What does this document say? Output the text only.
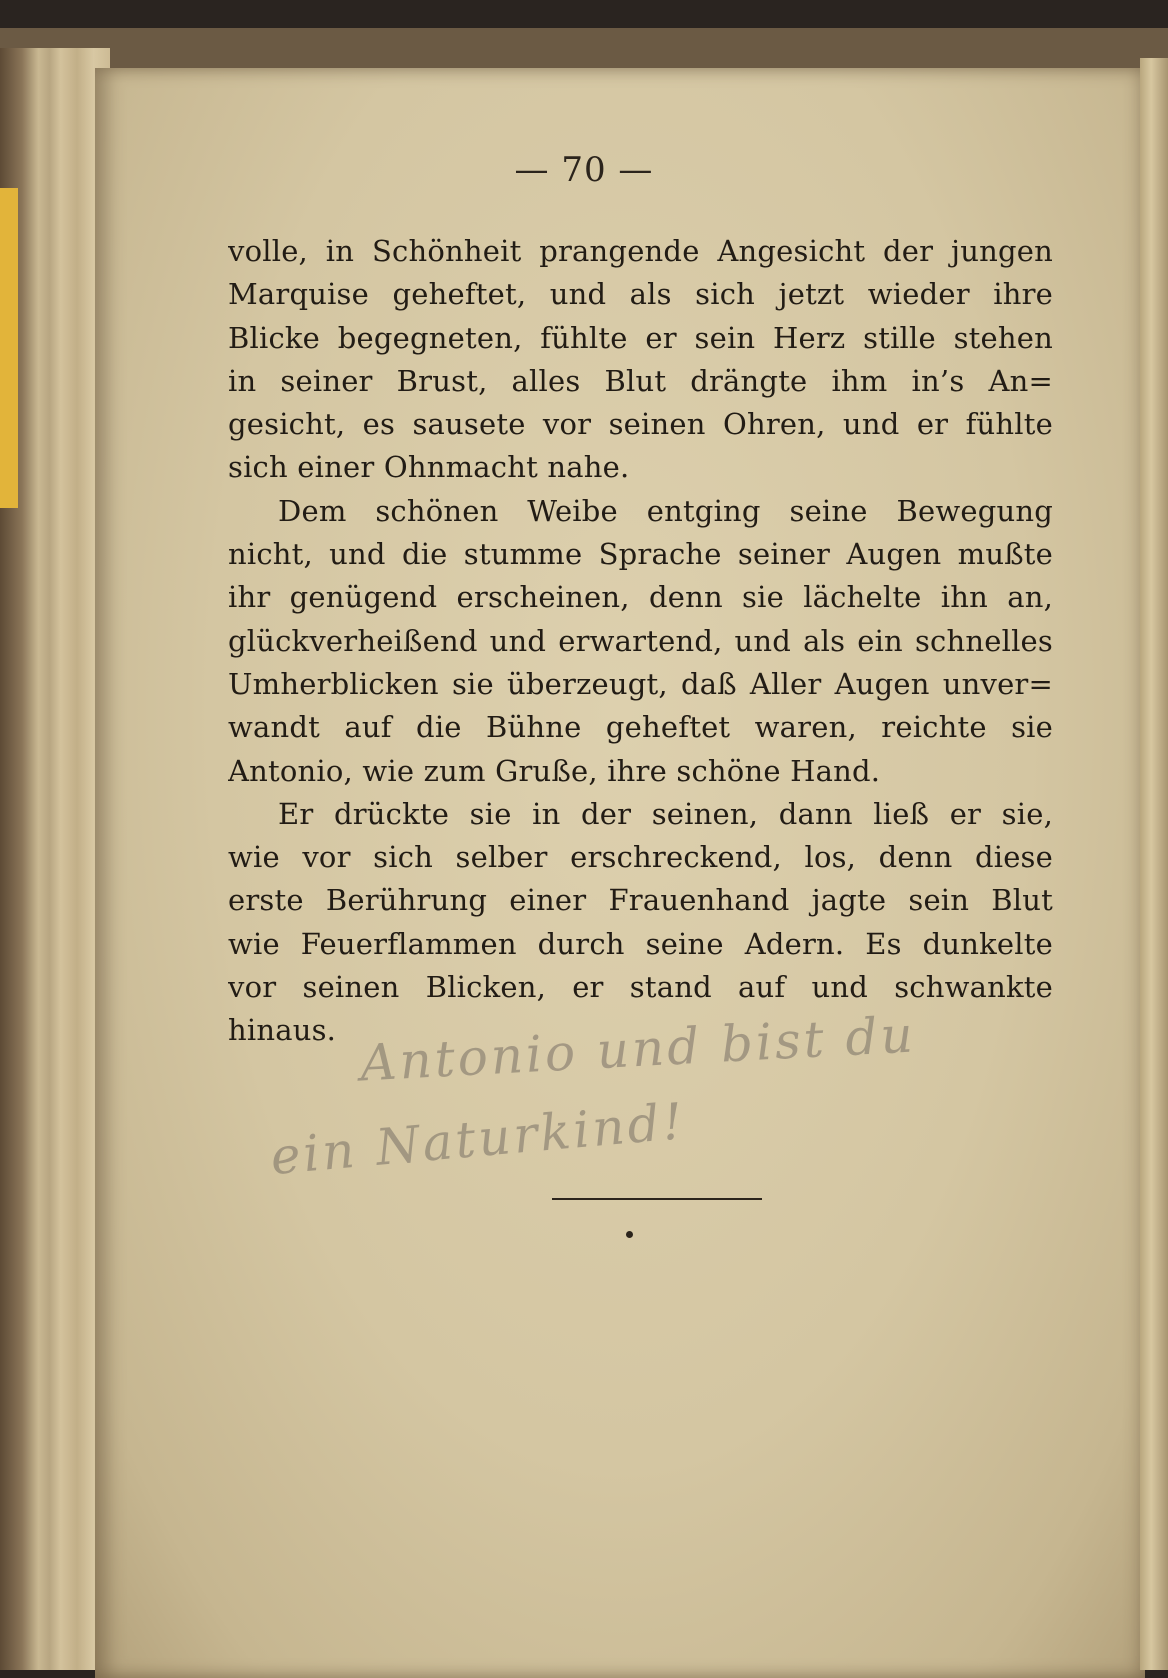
— 70 —
volle, in Schönheit prangende Angesicht der jungen
Marquise geheftet, und als sich jetzt wieder ihre
Blicke begegneten, fühlte er sein Herz stille stehen
in seiner Brust, alles Blut drängte ihm in’s An=
gesicht, es sausete vor seinen Ohren, und er fühlte
sich einer Ohnmacht nahe.
Dem schönen Weibe entging seine Bewegung
nicht, und die stumme Sprache seiner Augen mußte
ihr genügend erscheinen, denn sie lächelte ihn an,
glückverheißend und erwartend, und als ein schnelles
Umherblicken sie überzeugt, daß Aller Augen unver=
wandt auf die Bühne geheftet waren, reichte sie
Antonio, wie zum Gruße, ihre schöne Hand.
Er drückte sie in der seinen, dann ließ er sie,
wie vor sich selber erschreckend, los, denn diese
erste Berührung einer Frauenhand jagte sein Blut
wie Feuerflammen durch seine Adern. Es dunkelte
vor seinen Blicken, er stand auf und schwankte
hinaus. Antonio und bist du
ein Naturkind!
